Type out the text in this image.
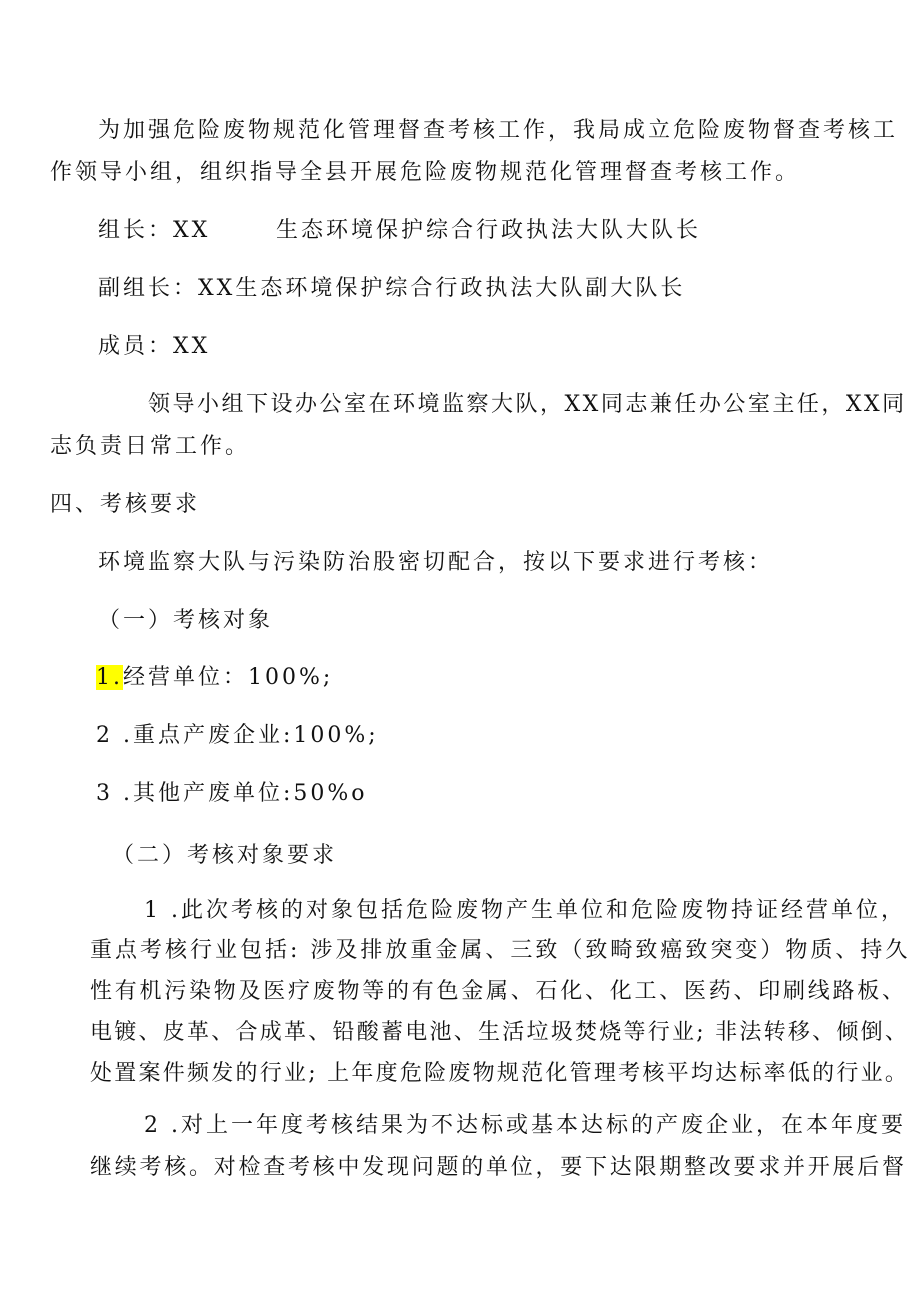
为加强危险废物规范化管理督查考核工作，我局成立危险废物督查考核工
作领导小组，组织指导全县开展危险废物规范化管理督查考核工作。
组长：XX	生态环境保护综合行政执法大队大队长
副组长：XX生态环境保护综合行政执法大队副大队长
成员：XX
领导小组下设办公室在环境监察大队，XX同志兼任办公室主任，XX同
志负责日常工作。
四、考核要求
环境监察大队与污染防治股密切配合，按以下要求进行考核：
（一）考核对象
1.经营单位：100%;
2 .重点产废企业:100%;
3 .其他产废单位:50%o
（二）考核对象要求
1 .此次考核的对象包括危险废物产生单位和危险废物持证经营单位，
重点考核行业包括: 涉及排放重金属、三致（致畸致癌致突变）物质、持久
性有机污染物及医疗废物等的有色金属、石化、化工、医药、印刷线路板、
电镀、皮革、合成革、铅酸蓄电池、生活垃圾焚烧等行业; 非法转移、倾倒、
处置案件频发的行业; 上年度危险废物规范化管理考核平均达标率低的行业。
2 .对上一年度考核结果为不达标或基本达标的产废企业，在本年度要
继续考核。对检查考核中发现问题的单位，要下达限期整改要求并开展后督
